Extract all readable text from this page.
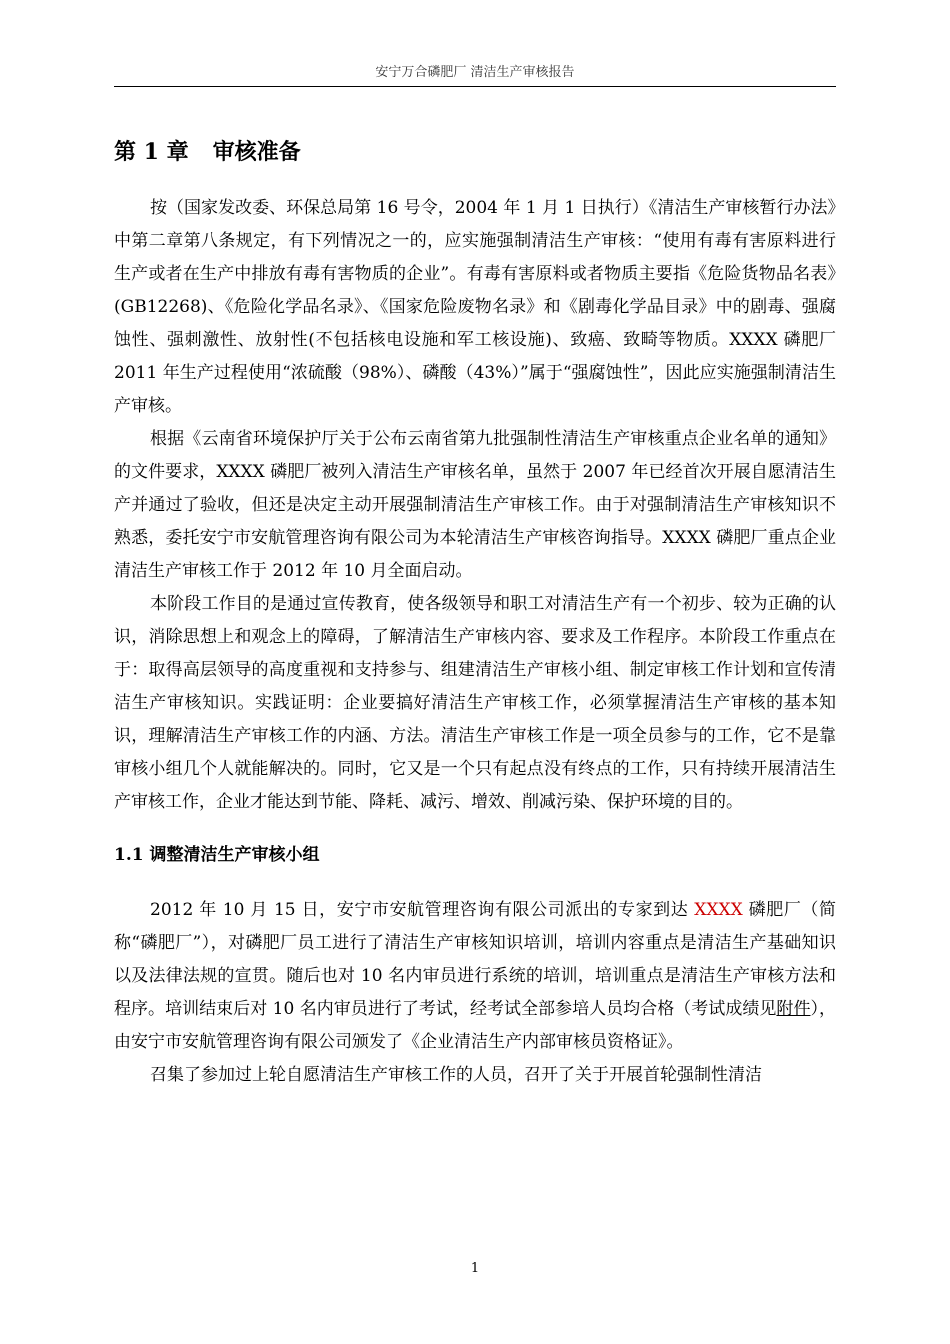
安宁万合磷肥厂 清洁生产审核报告
第 1 章 审核准备

按（国家发改委、环保总局第 16 号令，2004 年 1 月 1 日执行）《清洁生产审核暂行办法》中第二章第八条规定，有下列情况之一的，应实施强制清洁生产审核：“使用有毒有害原料进行生产或者在生产中排放有毒有害物质的企业”。有毒有害原料或者物质主要指《危险货物品名表》(GB12268)、《危险化学品名录》、《国家危险废物名录》和《剧毒化学品目录》中的剧毒、强腐蚀性、强刺激性、放射性(不包括核电设施和军工核设施)、致癌、致畸等物质。XXXX 磷肥厂 2011 年生产过程使用“浓硫酸（98%）、磷酸（43%）”属于“强腐蚀性”，因此应实施强制清洁生产审核。

根据《云南省环境保护厅关于公布云南省第九批强制性清洁生产审核重点企业名单的通知》的文件要求，XXXX 磷肥厂被列入清洁生产审核名单，虽然于 2007 年已经首次开展自愿清洁生产并通过了验收，但还是决定主动开展强制清洁生产审核工作。由于对强制清洁生产审核知识不熟悉，委托安宁市安航管理咨询有限公司为本轮清洁生产审核咨询指导。XXXX 磷肥厂重点企业清洁生产审核工作于 2012 年 10 月全面启动。

本阶段工作目的是通过宣传教育，使各级领导和职工对清洁生产有一个初步、较为正确的认识，消除思想上和观念上的障碍，了解清洁生产审核内容、要求及工作程序。本阶段工作重点在于：取得高层领导的高度重视和支持参与、组建清洁生产审核小组、制定审核工作计划和宣传清洁生产审核知识。实践证明：企业要搞好清洁生产审核工作，必须掌握清洁生产审核的基本知识，理解清洁生产审核工作的内涵、方法。清洁生产审核工作是一项全员参与的工作，它不是靠审核小组几个人就能解决的。同时，它又是一个只有起点没有终点的工作，只有持续开展清洁生产审核工作，企业才能达到节能、降耗、减污、增效、削减污染、保护环境的目的。

1.1 调整清洁生产审核小组

2012 年 10 月 15 日，安宁市安航管理咨询有限公司派出的专家到达 XXXX 磷肥厂（简称“磷肥厂”），对磷肥厂员工进行了清洁生产审核知识培训，培训内容重点是清洁生产基础知识以及法律法规的宣贯。随后也对 10 名内审员进行系统的培训，培训重点是清洁生产审核方法和程序。培训结束后对 10 名内审员进行了考试，经考试全部参培人员均合格（考试成绩见附件），由安宁市安航管理咨询有限公司颁发了《企业清洁生产内部审核员资格证》。

召集了参加过上轮自愿清洁生产审核工作的人员，召开了关于开展首轮强制性清洁

1
